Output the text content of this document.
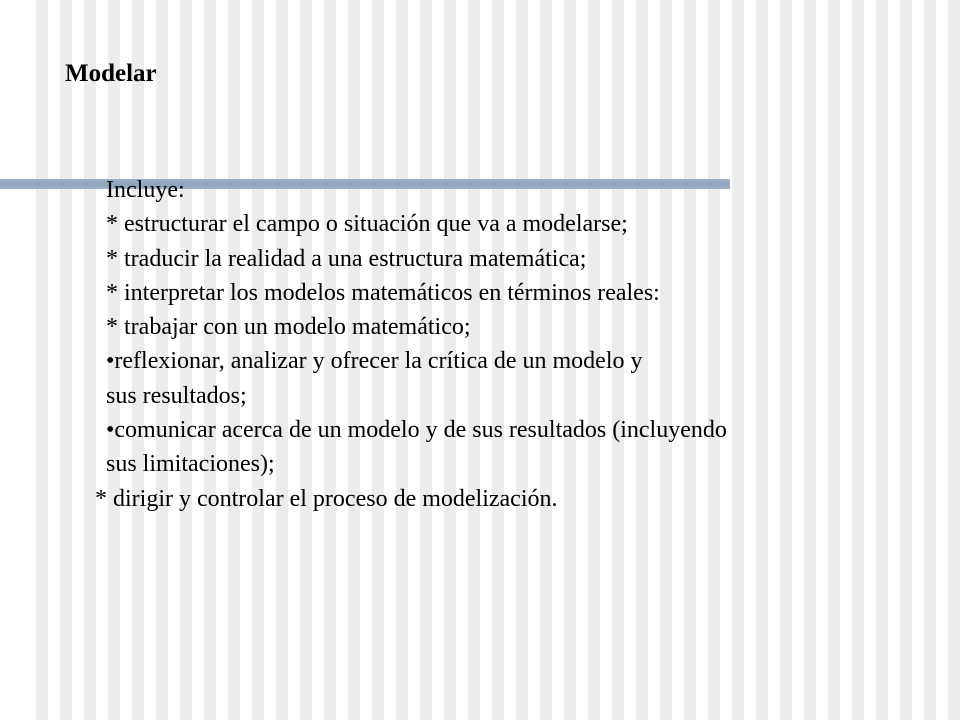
Modelar
Incluye:
* estructurar el campo o situación que va a modelarse;
* traducir la realidad a una estructura matemática;
* interpretar los modelos matemáticos en términos reales:
* trabajar con un modelo matemático;
•reflexionar, analizar y ofrecer la crítica de un modelo y
sus resultados;
•comunicar acerca de un modelo y de sus resultados (incluyendo
sus limitaciones);
* dirigir y controlar el proceso de modelización.
